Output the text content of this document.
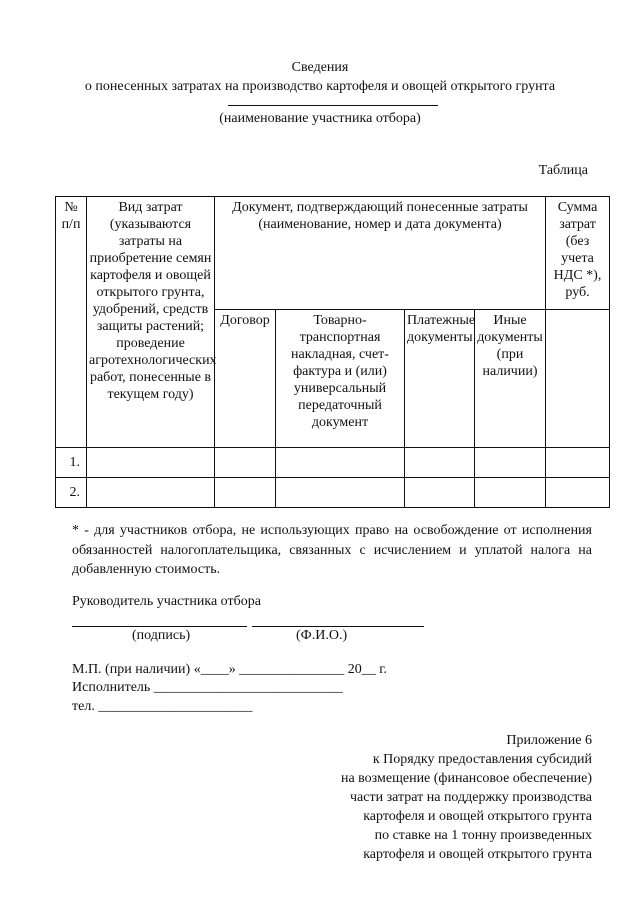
Сведения
о понесенных затратах на производство картофеля и овощей открытого грунта
(наименование участника отбора)
Таблица
№ п/п	Вид затрат (указываются затраты на приобретение семян картофеля и овощей открытого грунта, удобрений, средств защиты растений; проведение агротехнологических работ, понесенные в текущем году)	Документ, подтверждающий понесенные затраты (наименование, номер и дата документа)				Сумма затрат (без учета НДС *), руб.
		Договор	Товарно-транспортная накладная, счет-фактура и (или) универсальный передаточный документ	Платежные документы	Иные документы (при наличии)	
1.						
2.						
* - для участников отбора, не использующих право на освобождение от исполнения обязанностей налогоплательщика, связанных с исчислением и уплатой налога на добавленную стоимость.
Руководитель участника отбора
(подпись)	(Ф.И.О.)
М.П. (при наличии) «____» _______________ 20__ г.
Исполнитель ___________________________
тел. ______________________
Приложение 6
к Порядку предоставления субсидий
на возмещение (финансовое обеспечение)
части затрат на поддержку производства
картофеля и овощей открытого грунта
по ставке на 1 тонну произведенных
картофеля и овощей открытого грунта
